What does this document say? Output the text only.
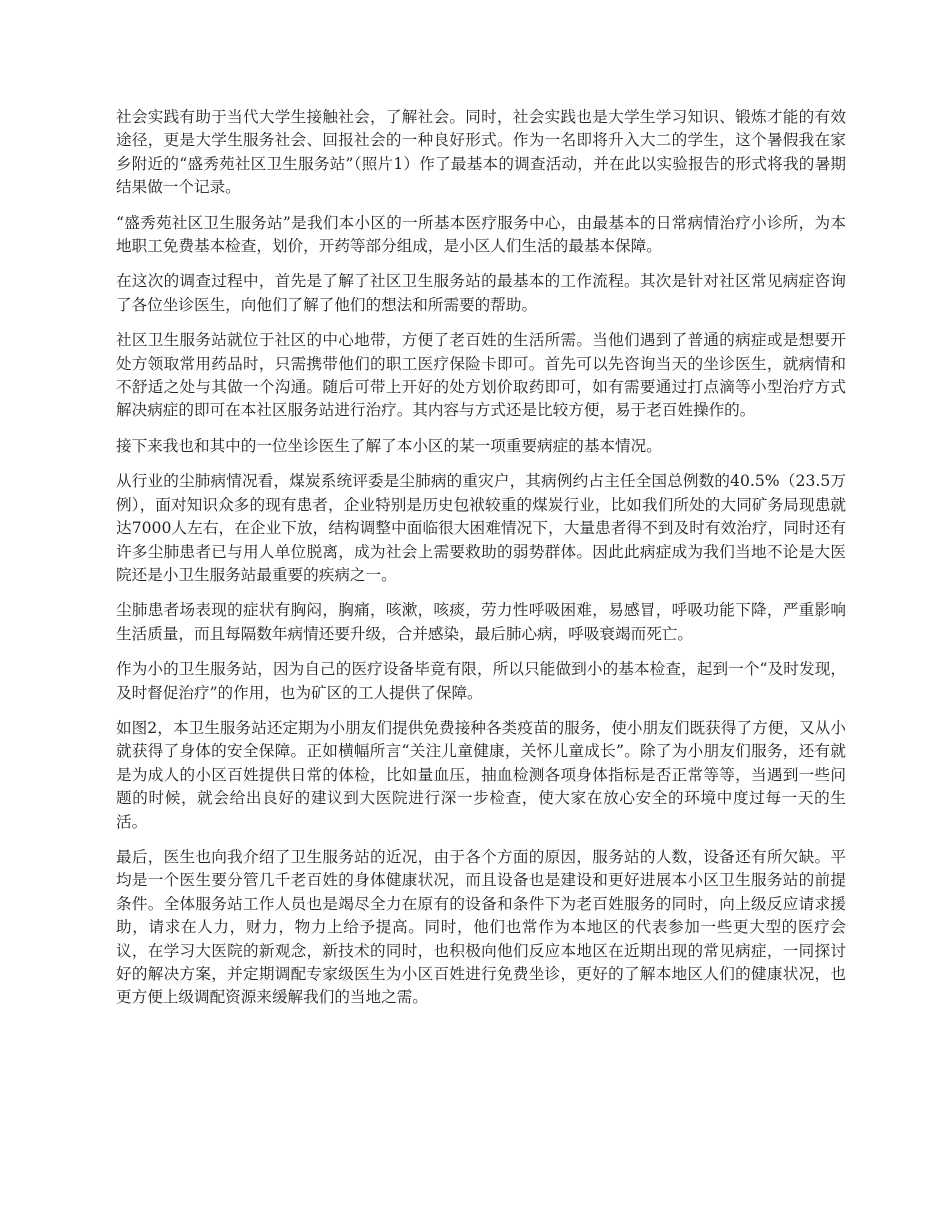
社会实践有助于当代大学生接触社会，了解社会。同时，社会实践也是大学生学习知识、锻炼才能的有效途径，更是大学生服务社会、回报社会的一种良好形式。作为一名即将升入大二的学生，这个暑假我在家乡附近的“盛秀苑社区卫生服务站”（照片1）作了最基本的调查活动，并在此以实验报告的形式将我的暑期结果做一个记录。

“盛秀苑社区卫生服务站”是我们本小区的一所基本医疗服务中心，由最基本的日常病情治疗小诊所，为本地职工免费基本检查，划价，开药等部分组成，是小区人们生活的最基本保障。

在这次的调查过程中，首先是了解了社区卫生服务站的最基本的工作流程。其次是针对社区常见病症咨询了各位坐诊医生，向他们了解了他们的想法和所需要的帮助。

社区卫生服务站就位于社区的中心地带，方便了老百姓的生活所需。当他们遇到了普通的病症或是想要开处方领取常用药品时，只需携带他们的职工医疗保险卡即可。首先可以先咨询当天的坐诊医生，就病情和不舒适之处与其做一个沟通。随后可带上开好的处方划价取药即可，如有需要通过打点滴等小型治疗方式解决病症的即可在本社区服务站进行治疗。其内容与方式还是比较方便，易于老百姓操作的。

接下来我也和其中的一位坐诊医生了解了本小区的某一项重要病症的基本情况。

从行业的尘肺病情况看，煤炭系统评委是尘肺病的重灾户，其病例约占主任全国总例数的40.5%（23.5万例），面对知识众多的现有患者，企业特别是历史包袱较重的煤炭行业，比如我们所处的大同矿务局现患就达7000人左右，在企业下放，结构调整中面临很大困难情况下，大量患者得不到及时有效治疗，同时还有许多尘肺患者已与用人单位脱离，成为社会上需要救助的弱势群体。因此此病症成为我们当地不论是大医院还是小卫生服务站最重要的疾病之一。

尘肺患者场表现的症状有胸闷，胸痛，咳漱，咳痰，劳力性呼吸困难，易感冒，呼吸功能下降，严重影响生活质量，而且每隔数年病情还要升级，合并感染，最后肺心病，呼吸衰竭而死亡。

作为小的卫生服务站，因为自己的医疗设备毕竟有限，所以只能做到小的基本检查，起到一个“及时发现，及时督促治疗”的作用，也为矿区的工人提供了保障。

如图2，本卫生服务站还定期为小朋友们提供免费接种各类疫苗的服务，使小朋友们既获得了方便，又从小就获得了身体的安全保障。正如横幅所言“关注儿童健康，关怀儿童成长”。除了为小朋友们服务，还有就是为成人的小区百姓提供日常的体检，比如量血压，抽血检测各项身体指标是否正常等等，当遇到一些问题的时候，就会给出良好的建议到大医院进行深一步检查，使大家在放心安全的环境中度过每一天的生活。

最后，医生也向我介绍了卫生服务站的近况，由于各个方面的原因，服务站的人数，设备还有所欠缺。平均是一个医生要分管几千老百姓的身体健康状况，而且设备也是建设和更好进展本小区卫生服务站的前提条件。全体服务站工作人员也是竭尽全力在原有的设备和条件下为老百姓服务的同时，向上级反应请求援助，请求在人力，财力，物力上给予提高。同时，他们也常作为本地区的代表参加一些更大型的医疗会议，在学习大医院的新观念，新技术的同时，也积极向他们反应本地区在近期出现的常见病症，一同探讨好的解决方案，并定期调配专家级医生为小区百姓进行免费坐诊，更好的了解本地区人们的健康状况，也更方便上级调配资源来缓解我们的当地之需。
